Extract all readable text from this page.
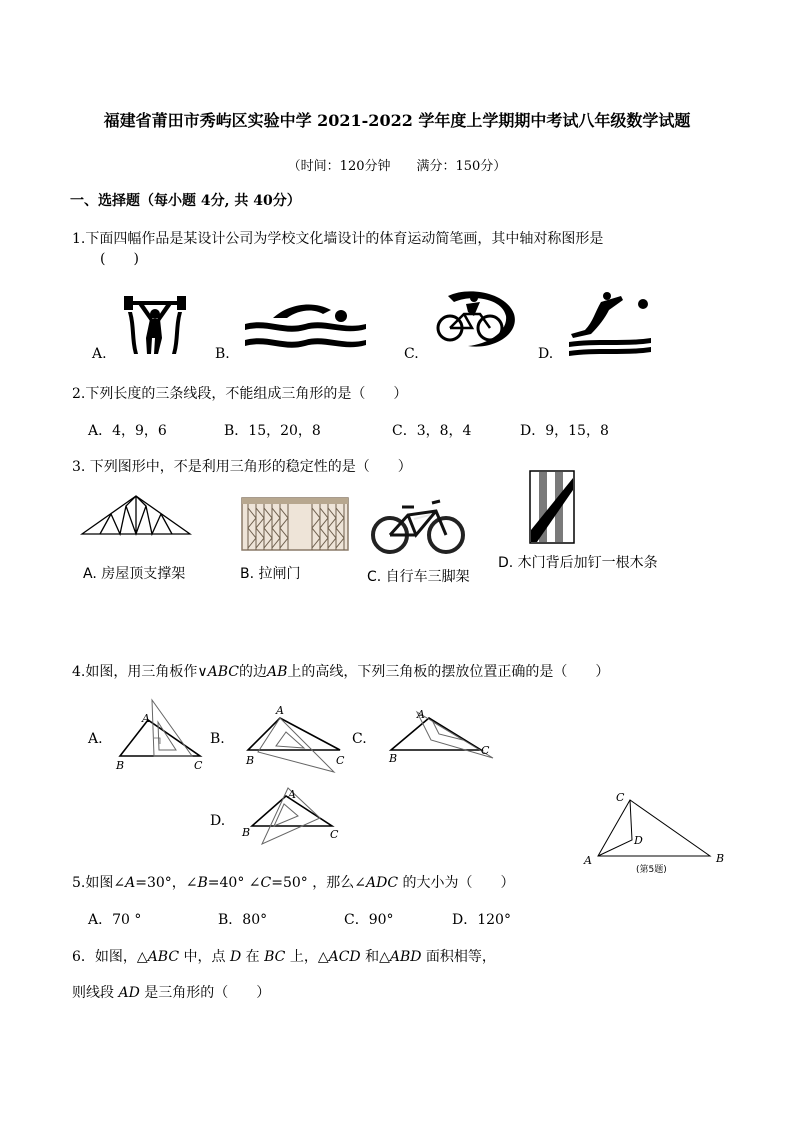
福建省莆田市秀屿区实验中学 2021-2022 学年度上学期期中考试八年级数学试题
（时间：120分钟　　满分：150分）
一、选择题（每小题 4分, 共 40分）
1.下面四幅作品是某设计公司为学校文化墙设计的体育运动简笔画，其中轴对称图形是
(　　)
A.	B.	C.	D.
2.下列长度的三条线段，不能组成三角形的是（　　）
A．4，9，6	B．15，20，8	C．3，8，4	D．9，15，8
3. 下列图形中，不是利用三角形的稳定性的是（　　）
A. 房屋顶支撑架	B. 拉闸门	C. 自行车三脚架
D. 木门背后加钉一根木条
4.如图，用三角板作∨ABC的边AB上的高线，下列三角板的摆放位置正确的是（　　）
A.
A
B	C
B.
A
B	C
C.
A
B
C
D.
A
B	C
C
D
A	B
(第5题)
5.如图∠A=30°，∠B=40° ∠C=50° ，那么∠ADC 的大小为（　　）
A．70 °	B．80°	C．90°	D．120°
6．如图，△ABC 中，点 D 在 BC 上，△ACD 和△ABD 面积相等，
则线段 AD 是三角形的（　　）
